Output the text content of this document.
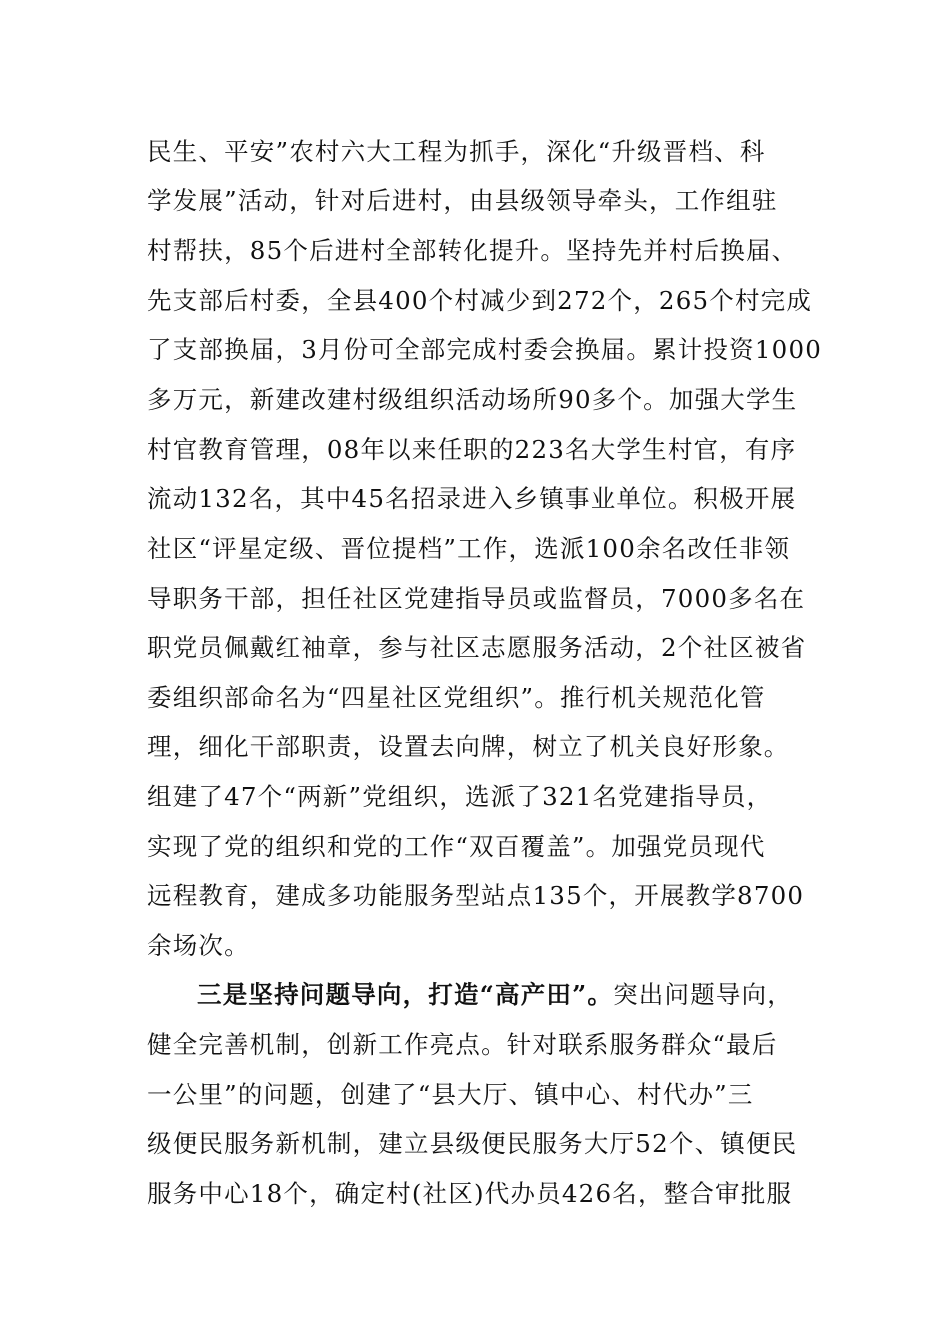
民生、平安”农村六大工程为抓手，深化“升级晋档、科
学发展”活动，针对后进村，由县级领导牵头，工作组驻
村帮扶，85个后进村全部转化提升。坚持先并村后换届、
先支部后村委，全县400个村减少到272个，265个村完成
了支部换届，3月份可全部完成村委会换届。累计投资1000
多万元，新建改建村级组织活动场所90多个。加强大学生
村官教育管理，08年以来任职的223名大学生村官，有序
流动132名，其中45名招录进入乡镇事业单位。积极开展
社区“评星定级、晋位提档”工作，选派100余名改任非领
导职务干部，担任社区党建指导员或监督员，7000多名在
职党员佩戴红袖章，参与社区志愿服务活动，2个社区被省
委组织部命名为“四星社区党组织”。推行机关规范化管
理，细化干部职责，设置去向牌，树立了机关良好形象。
组建了47个“两新”党组织，选派了321名党建指导员，
实现了党的组织和党的工作“双百覆盖”。加强党员现代
远程教育，建成多功能服务型站点135个，开展教学8700
余场次。
三是坚持问题导向，打造“高产田”。突出问题导向，
健全完善机制，创新工作亮点。针对联系服务群众“最后
一公里”的问题，创建了“县大厅、镇中心、村代办”三
级便民服务新机制，建立县级便民服务大厅52个、镇便民
服务中心18个，确定村(社区)代办员426名，整合审批服
